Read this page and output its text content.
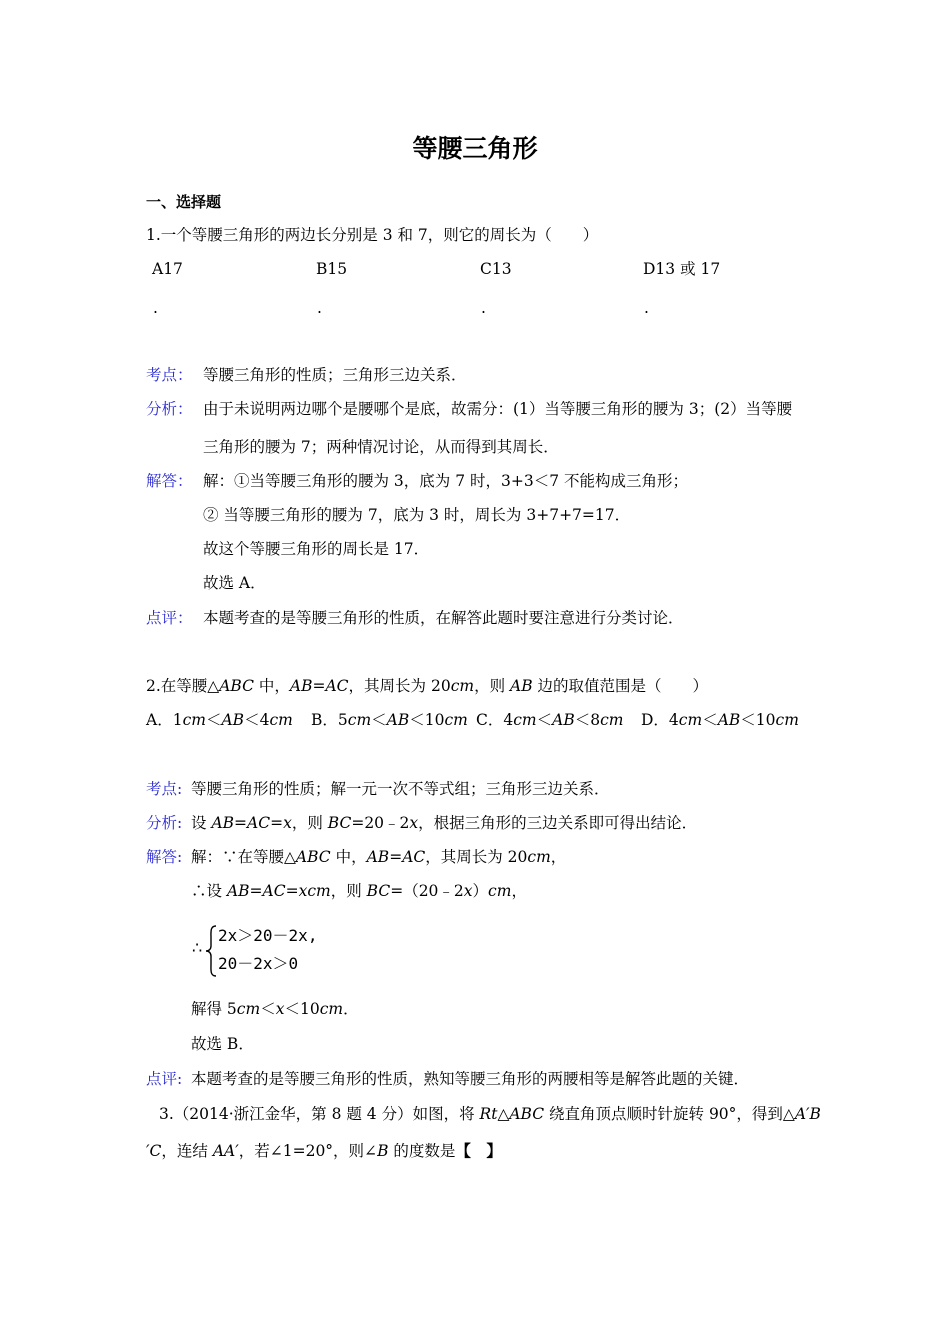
等腰三角形
一、选择题
1.一个等腰三角形的两边长分别是 3 和 7，则它的周长为（　　）
A17	B15	C13	D13 或 17
.	.	.	.
考点： 等腰三角形的性质；三角形三边关系．
分析： 由于未说明两边哪个是腰哪个是底，故需分：(1）当等腰三角形的腰为 3；(2）当等腰
三角形的腰为 7；两种情况讨论，从而得到其周长．
解答： 解：①当等腰三角形的腰为 3，底为 7 时，3+3＜7 不能构成三角形；
② 当等腰三角形的腰为 7，底为 3 时，周长为 3+7+7=17．
故这个等腰三角形的周长是 17．
故选 A．
点评： 本题考查的是等腰三角形的性质，在解答此题时要注意进行分类讨论．
2.在等腰△ABC 中，AB=AC，其周长为 20cm，则 AB 边的取值范围是（　　）
A．1cm＜AB＜4cm B．5cm＜AB＜10cm C．4cm＜AB＜8cm D．4cm＜AB＜10cm
考点: 等腰三角形的性质；解一元一次不等式组；三角形三边关系．
分析: 设 AB=AC=x，则 BC=20﹣2x，根据三角形的三边关系即可得出结论．
解答: 解：∵在等腰△ABC 中，AB=AC，其周长为 20cm，
∴设 AB=AC=xcm，则 BC=（20﹣2x）cm，
∴
2x＞20－2x,
20－2x＞0
解得 5cm＜x＜10cm．
故选 B．
点评: 本题考查的是等腰三角形的性质，熟知等腰三角形的两腰相等是解答此题的关键．
3.（2014·浙江金华，第 8 题 4 分）如图，将 Rt△ABC 绕直角顶点顺时针旋转 90°，得到△A′B
′C，连结 AA′，若∠1=20°，则∠B 的度数是【　】
